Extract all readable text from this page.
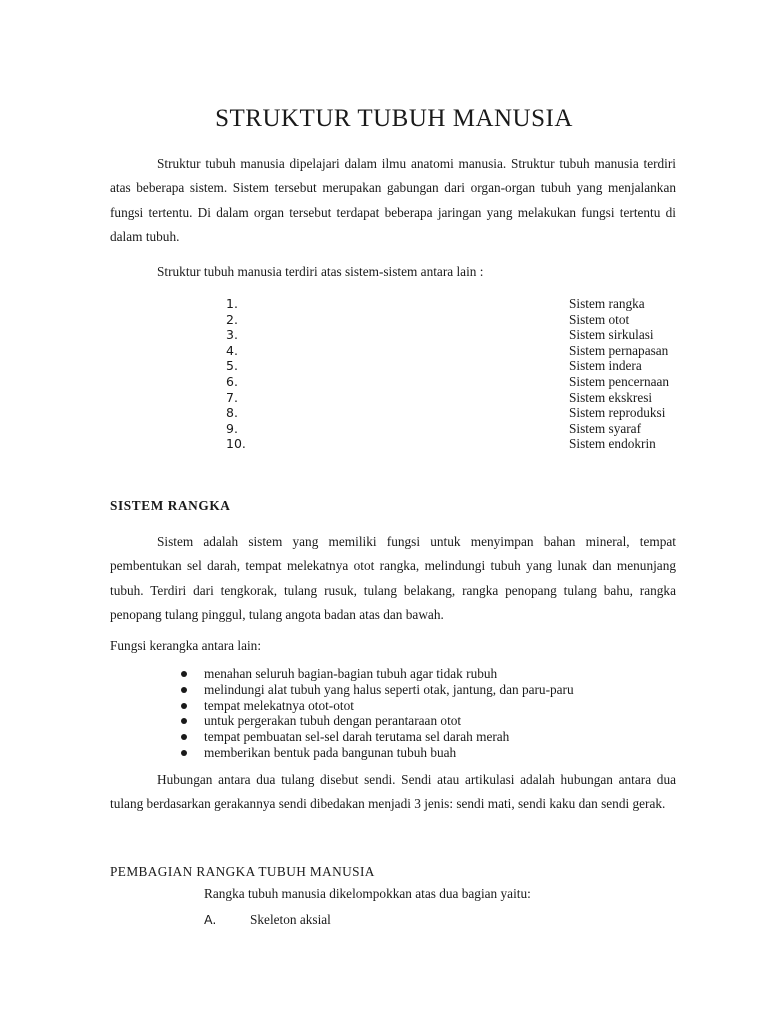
STRUKTUR TUBUH MANUSIA

Struktur tubuh manusia dipelajari dalam ilmu anatomi manusia. Struktur tubuh manusia terdiri atas beberapa sistem. Sistem tersebut merupakan gabungan dari organ-organ tubuh yang menjalankan fungsi tertentu. Di dalam organ tersebut terdapat beberapa jaringan yang melakukan fungsi tertentu di dalam tubuh.

Struktur tubuh manusia terdiri atas sistem-sistem antara lain :

1.	Sistem rangka
2.	Sistem otot
3.	Sistem sirkulasi
4.	Sistem pernapasan
5.	Sistem indera
6.	Sistem pencernaan
7.	Sistem ekskresi
8.	Sistem reproduksi
9.	Sistem syaraf
10.	Sistem endokrin
SISTEM RANGKA

Sistem adalah sistem yang memiliki fungsi untuk menyimpan bahan mineral, tempat pembentukan sel darah, tempat melekatnya otot rangka, melindungi tubuh yang lunak dan menunjang tubuh. Terdiri dari tengkorak, tulang rusuk, tulang belakang, rangka penopang tulang bahu, rangka penopang tulang pinggul, tulang angota badan atas dan bawah.

Fungsi kerangka antara lain:

menahan seluruh bagian-bagian tubuh agar tidak rubuh
melindungi alat tubuh yang halus seperti otak, jantung, dan paru-paru
tempat melekatnya otot-otot
untuk pergerakan tubuh dengan perantaraan otot
tempat pembuatan sel-sel darah terutama sel darah merah
memberikan bentuk pada bangunan tubuh buah

Hubungan antara dua tulang disebut sendi. Sendi atau artikulasi adalah hubungan antara dua tulang berdasarkan gerakannya sendi dibedakan menjadi 3 jenis: sendi mati, sendi kaku dan sendi gerak.

PEMBAGIAN RANGKA TUBUH MANUSIA

Rangka tubuh manusia dikelompokkan atas dua bagian yaitu:

A.	Skeleton aksial
